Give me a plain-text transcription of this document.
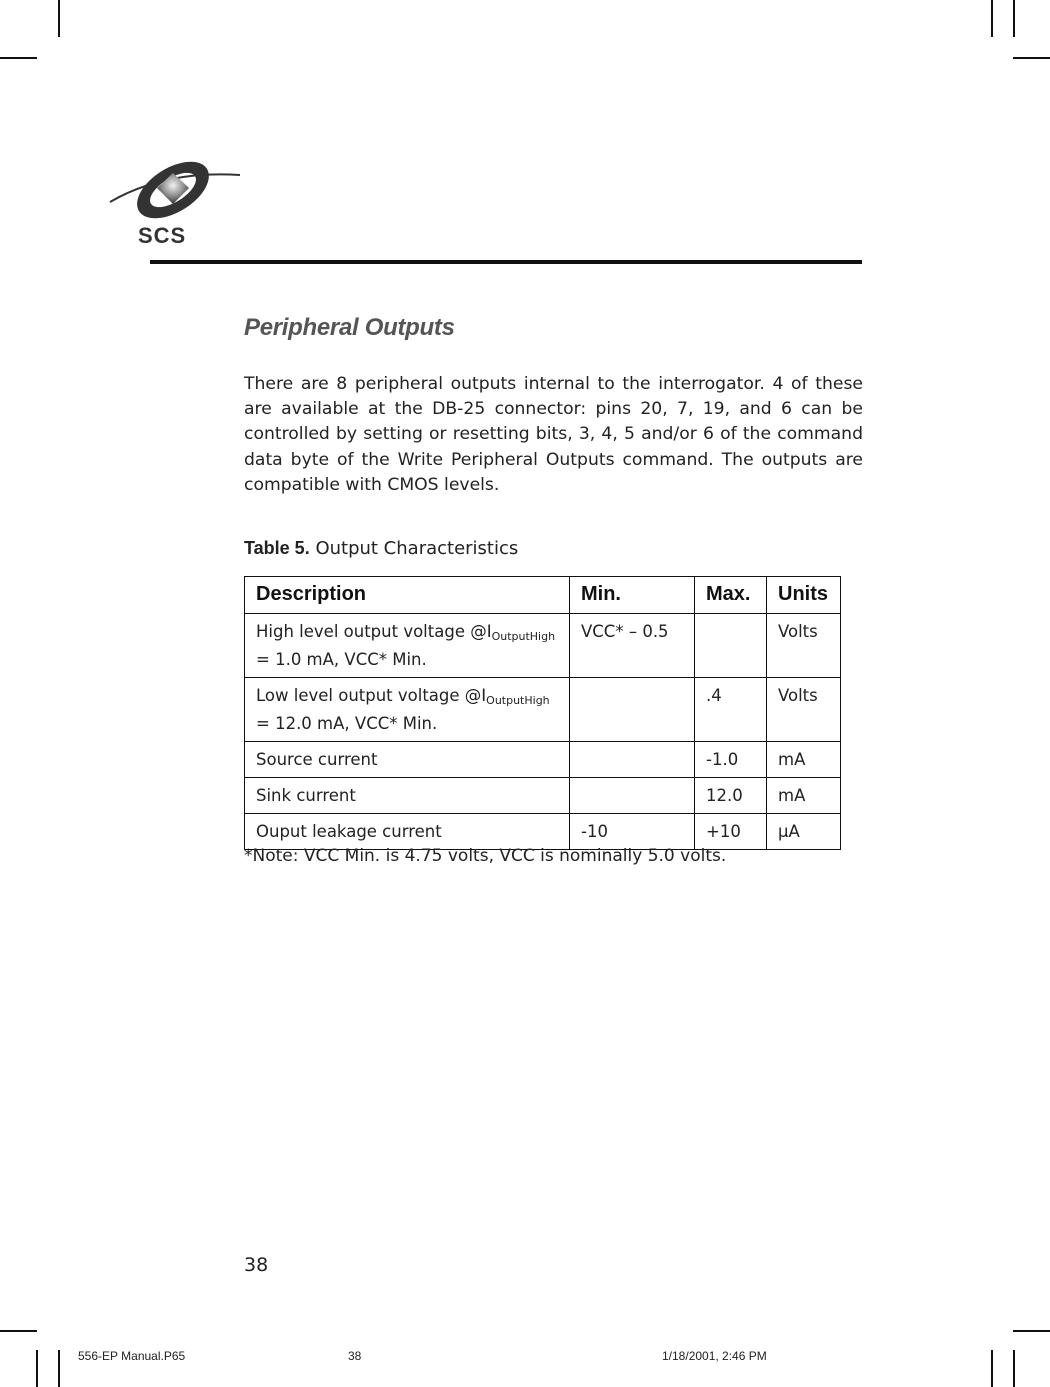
SCS
Peripheral Outputs

There are 8 peripheral outputs internal to the interrogator. 4 of these are available at the DB-25 connector: pins 20, 7, 19, and 6 can be controlled by setting or resetting bits, 3, 4, 5 and/or 6 of the command data byte of the Write Peripheral Outputs command. The outputs are compatible with CMOS levels.

Table 5. Output Characteristics
Description	Min.	Max.	Units
High level output voltage $@I_{OutputHigh}$
= 1.0 mA, VCC* Min.	VCC* – 0.5		Volts
Low level output voltage $@I_{OutputHigh}$
= 12.0 mA, VCC* Min.		.4	Volts
Source current		-1.0	mA
Sink current		12.0	mA
Ouput leakage current	-10	+10	μA
*Note: VCC Min. is 4.75 volts, VCC is nominally 5.0 volts.
38
556-EP Manual.P65	38	1/18/2001, 2:46 PM
